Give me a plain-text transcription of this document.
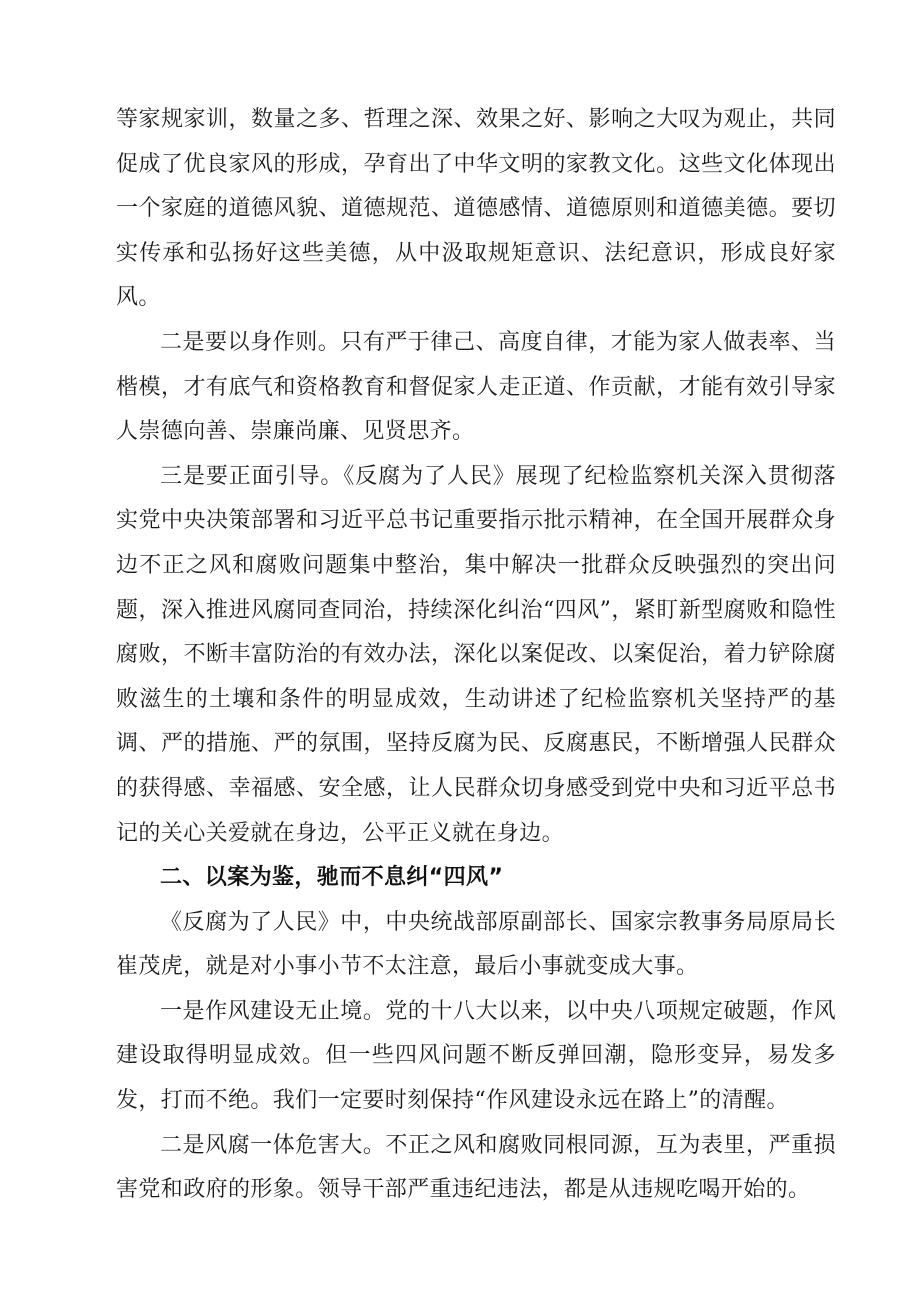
等家规家训，数量之多、哲理之深、效果之好、影响之大叹为观止，共同促成了优良家风的形成，孕育出了中华文明的家教文化。这些文化体现出一个家庭的道德风貌、道德规范、道德感情、道德原则和道德美德。要切实传承和弘扬好这些美德，从中汲取规矩意识、法纪意识，形成良好家风。

二是要以身作则。只有严于律己、高度自律，才能为家人做表率、当楷模，才有底气和资格教育和督促家人走正道、作贡献，才能有效引导家人崇德向善、崇廉尚廉、见贤思齐。

三是要正面引导。《反腐为了人民》展现了纪检监察机关深入贯彻落实党中央决策部署和习近平总书记重要指示批示精神，在全国开展群众身边不正之风和腐败问题集中整治，集中解决一批群众反映强烈的突出问题，深入推进风腐同查同治，持续深化纠治“四风”，紧盯新型腐败和隐性腐败，不断丰富防治的有效办法，深化以案促改、以案促治，着力铲除腐败滋生的土壤和条件的明显成效，生动讲述了纪检监察机关坚持严的基调、严的措施、严的氛围，坚持反腐为民、反腐惠民，不断增强人民群众的获得感、幸福感、安全感，让人民群众切身感受到党中央和习近平总书记的关心关爱就在身边，公平正义就在身边。

二、以案为鉴，驰而不息纠“四风”

《反腐为了人民》中，中央统战部原副部长、国家宗教事务局原局长崔茂虎，就是对小事小节不太注意，最后小事就变成大事。

一是作风建设无止境。党的十八大以来，以中央八项规定破题，作风建设取得明显成效。但一些四风问题不断反弹回潮，隐形变异，易发多发，打而不绝。我们一定要时刻保持“作风建设永远在路上”的清醒。

二是风腐一体危害大。不正之风和腐败同根同源，互为表里，严重损害党和政府的形象。领导干部严重违纪违法，都是从违规吃喝开始的。
